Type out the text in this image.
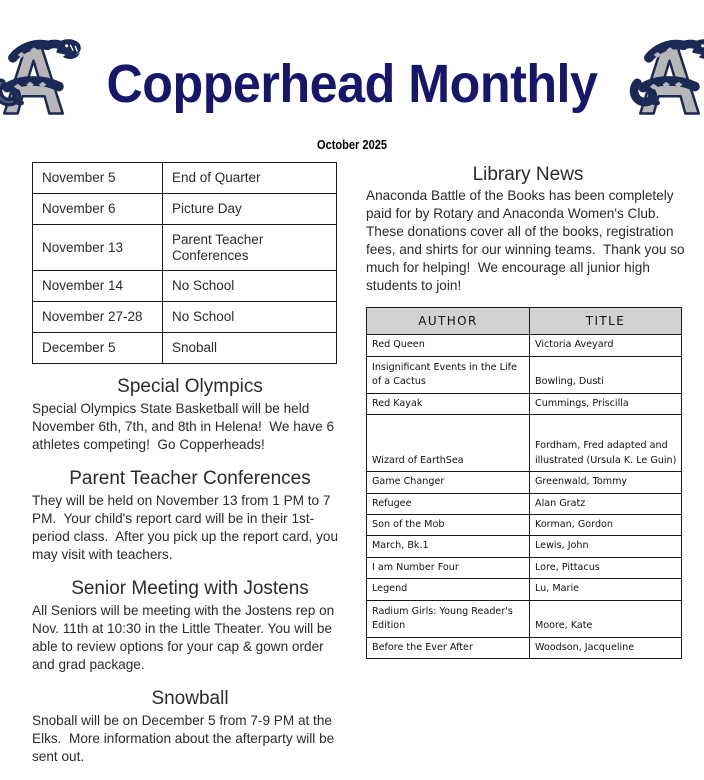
Copperhead Monthly
October 2025
November 5	End of Quarter
November 6	Picture Day
November 13	Parent Teacher Conferences
November 14	No School
November 27-28	No School
December 5	Snoball
Special Olympics

Special Olympics State Basketball will be held November 6th, 7th, and 8th in Helena!  We have 6 athletes competing!  Go Copperheads!

Parent Teacher Conferences

They will be held on November 13 from 1 PM to 7 PM.  Your child's report card will be in their 1st-period class.  After you pick up the report card, you may visit with teachers.

Senior Meeting with Jostens

All Seniors will be meeting with the Jostens rep on Nov. 11th at 10:30 in the Little Theater. You will be able to review options for your cap & gown order and grad package.

Snowball

Snoball will be on December 5 from 7-9 PM at the Elks.  More information about the afterparty will be sent out.

Library News
Anaconda Battle of the Books has been completely paid for by Rotary and Anaconda Women's Club.  These donations cover all of the books, registration fees, and shirts for our winning teams.  Thank you so much for helping!  We encourage all junior high students to join!
AUTHOR	TITLE
Red Queen	Victoria Aveyard
Insignificant Events in the Life of a Cactus	Bowling, Dusti
Red Kayak	Cummings, Priscilla
Wizard of EarthSea	Fordham, Fred adapted and illustrated (Ursula K. Le Guin)
Game Changer	Greenwald, Tommy
Refugee	Alan Gratz
Son of the Mob	Korman, Gordon
March, Bk.1	Lewis, John
I am Number Four	Lore, Pittacus
Legend	Lu, Marie
Radium Girls: Young Reader's Edition	Moore, Kate
Before the Ever After	Woodson, Jacqueline
